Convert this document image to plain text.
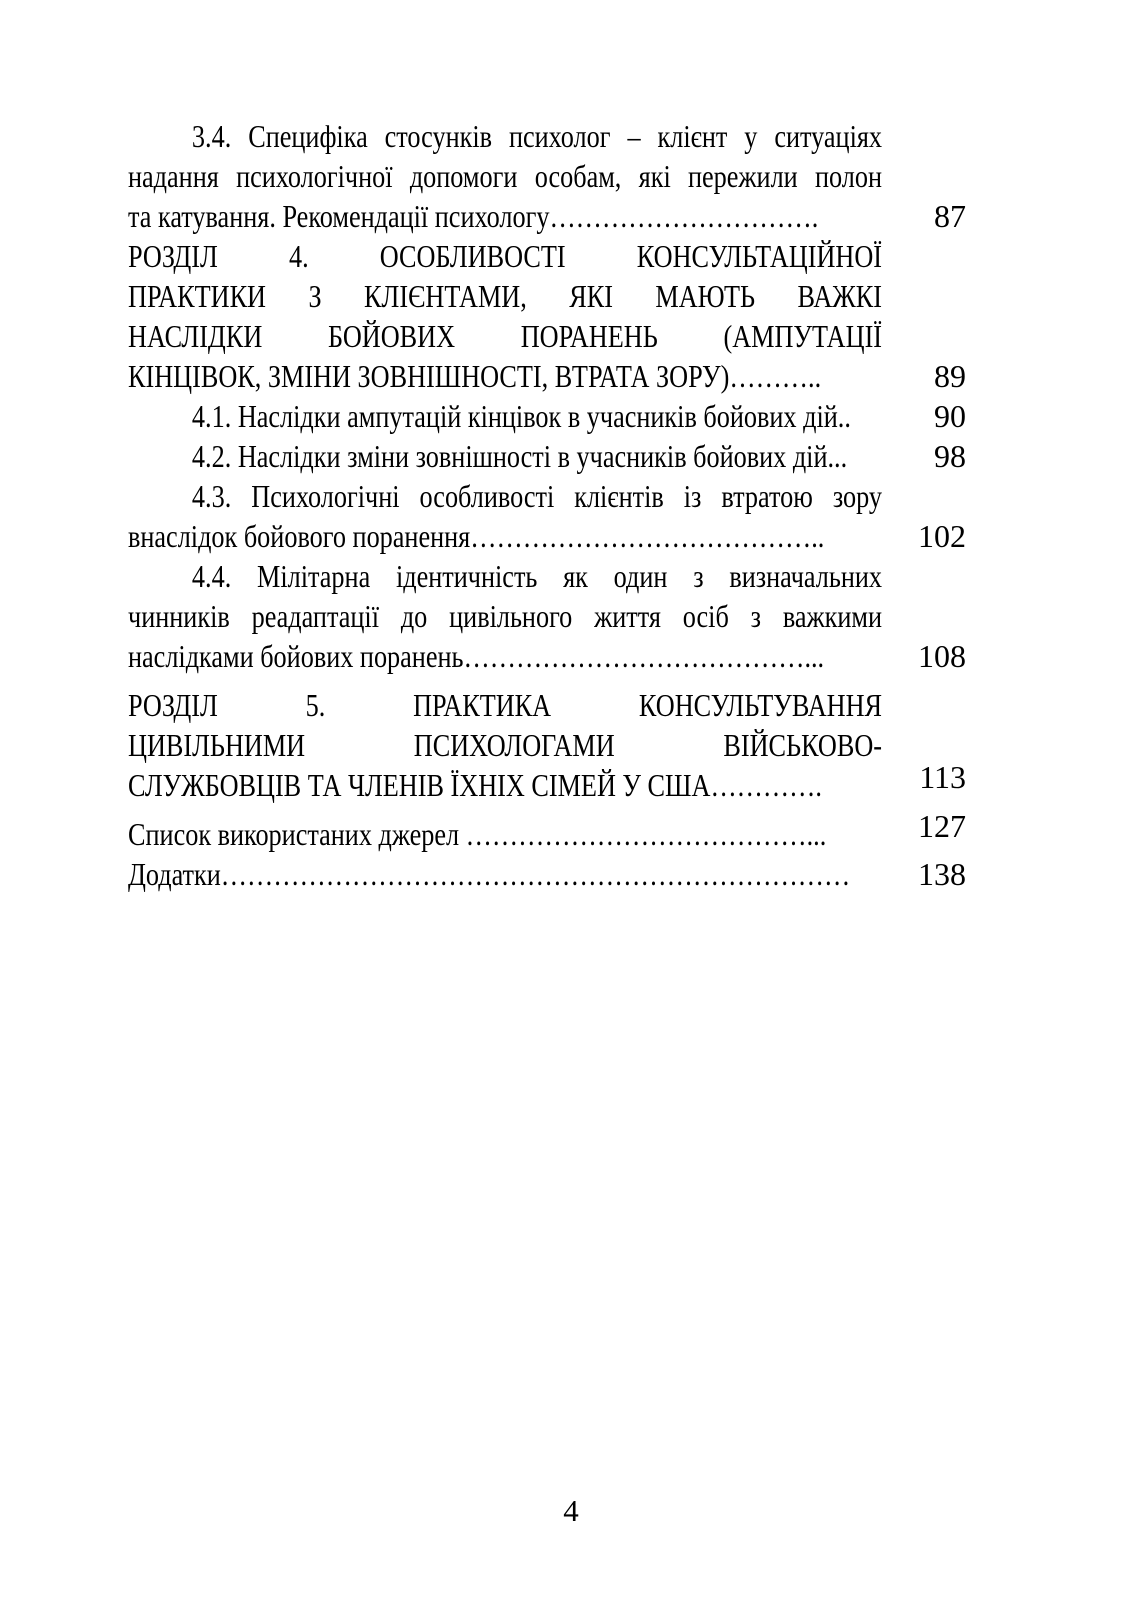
3.4. Специфіка стосунків психолог – клієнт у ситуаціях
надання психологічної допомоги особам, які пережили полон
та катування. Рекомендації психологу………………………….	87
РОЗДІЛ 4. ОСОБЛИВОСТІ КОНСУЛЬТАЦІЙНОЇ
ПРАКТИКИ З КЛІЄНТАМИ, ЯКІ МАЮТЬ ВАЖКІ
НАСЛІДКИ БОЙОВИХ ПОРАНЕНЬ (АМПУТАЦІЇ
КІНЦІВОК, ЗМІНИ ЗОВНІШНОСТІ, ВТРАТА ЗОРУ)………..	89
4.1. Наслідки ампутацій кінцівок в учасників бойових дій..	90
4.2. Наслідки зміни зовнішності в учасників бойових дій...	98
4.3. Психологічні особливості клієнтів із втратою зору
внаслідок бойового поранення…………………………………..	102
4.4. Мілітарна ідентичність як один з визначальних
чинників реадаптації до цивільного життя осіб з важкими
наслідками бойових поранень…………………………………...	108
РОЗДІЛ 5. ПРАКТИКА КОНСУЛЬТУВАННЯ
ЦИВІЛЬНИМИ ПСИХОЛОГАМИ ВІЙСЬКОВО-
СЛУЖБОВЦІВ ТА ЧЛЕНІВ ЇХНІХ СІМЕЙ У США………….	113
Список використаних джерел …………………………………...	127
Додатки………………………………………………………………	138
4
